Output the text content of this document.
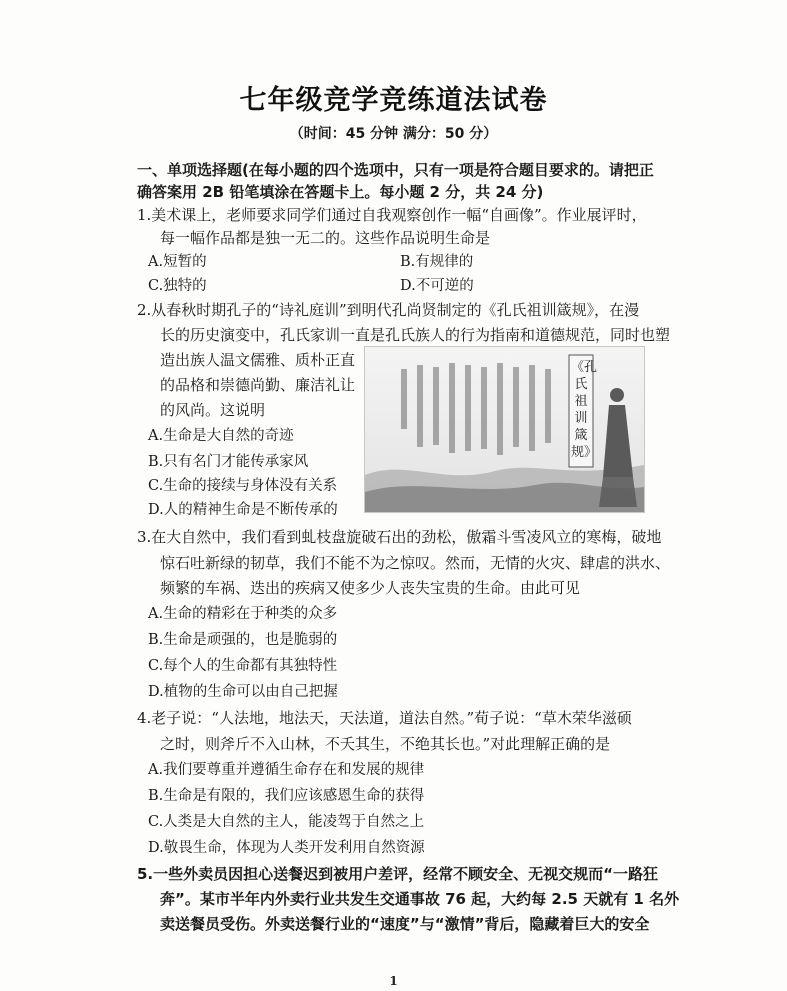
七年级竞学竞练道法试卷
（时间：45 分钟 满分：50 分）
一、单项选择题(在每小题的四个选项中，只有一项是符合题目要求的。请把正
确答案用 2B 铅笔填涂在答题卡上。每小题 2 分，共 24 分)
1.美术课上，老师要求同学们通过自我观察创作一幅“自画像”。作业展评时，
每一幅作品都是独一无二的。这些作品说明生命是
A.短暂的	B.有规律的
C.独特的	D.不可逆的
2.从春秋时期孔子的“诗礼庭训”到明代孔尚贤制定的《孔氏祖训箴规》，在漫
长的历史演变中，孔氏家训一直是孔氏族人的行为指南和道德规范，同时也塑
造出族人温文儒雅、质朴正直
的品格和崇德尚勤、廉洁礼让
的风尚。这说明
A.生命是大自然的奇迹
B.只有名门才能传承家风
C.生命的接续与身体没有关系
D.人的精神生命是不断传承的
《孔氏祖训箴规》
3.在大自然中，我们看到虬枝盘旋破石出的劲松，傲霜斗雪凌风立的寒梅，破地
惊石吐新绿的韧草，我们不能不为之惊叹。然而，无情的火灾、肆虐的洪水、
频繁的车祸、迭出的疾病又使多少人丧失宝贵的生命。由此可见
A.生命的精彩在于种类的众多
B.生命是顽强的，也是脆弱的
C.每个人的生命都有其独特性
D.植物的生命可以由自己把握
4.老子说：“人法地，地法天，天法道，道法自然。”荀子说：“草木荣华滋硕
之时，则斧斤不入山林，不夭其生，不绝其长也。”对此理解正确的是
A.我们要尊重并遵循生命存在和发展的规律
B.生命是有限的，我们应该感恩生命的获得
C.人类是大自然的主人，能凌驾于自然之上
D.敬畏生命，体现为人类开发利用自然资源
5.一些外卖员因担心送餐迟到被用户差评，经常不顾安全、无视交规而“一路狂
奔”。某市半年内外卖行业共发生交通事故 76 起，大约每 2.5 天就有 1 名外
卖送餐员受伤。外卖送餐行业的“速度”与“激情”背后，隐藏着巨大的安全
1
